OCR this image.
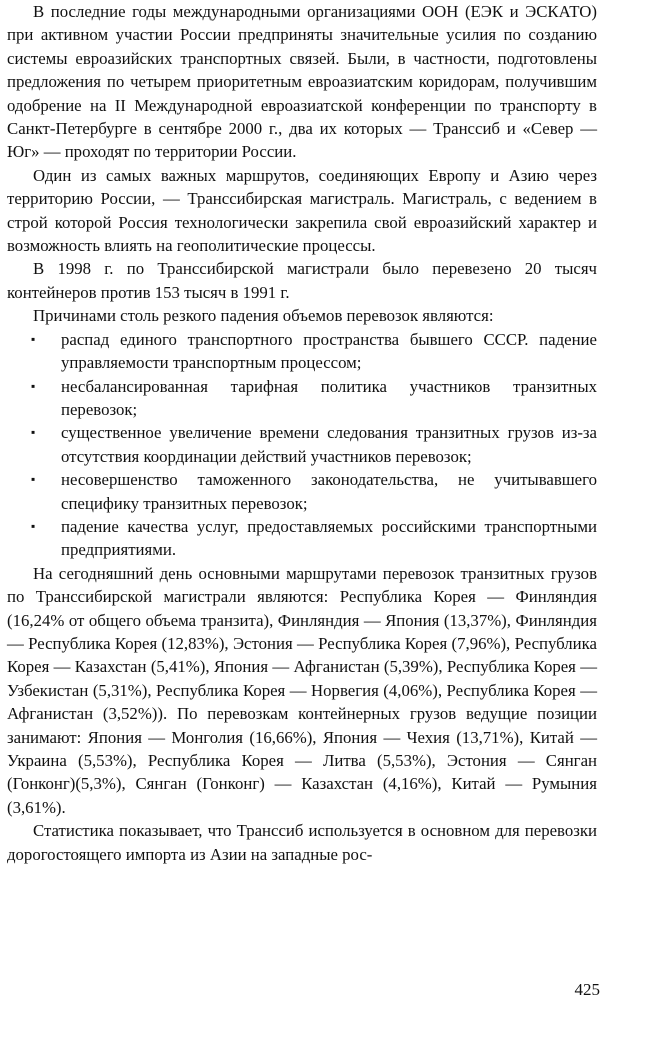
В последние годы международными организациями ООН (ЕЭК и ЭСКАТО) при активном участии России предприняты значительные усилия по созданию системы евроазийских транспортных связей. Были, в частности, подготовлены предложения по четырем приоритетным евроазиатским коридорам, получившим одобрение на II Международной евроазиатской конференции по транспорту в Санкт-Петербурге в сентябре 2000 г., два их которых — Транссиб и «Север — Юг» — проходят по территории России.

Один из самых важных маршрутов, соединяющих Европу и Азию через территорию России, — Транссибирская магистраль. Магистраль, с ведением в строй которой Россия технологически закрепила свой евроазийский характер и возможность влиять на геополитические процессы.

В 1998 г. по Транссибирской магистрали было перевезено 20 тысяч контейнеров против 153 тысяч в 1991 г.

Причинами столь резкого падения объемов перевозок являются:

▪ распад единого транспортного пространства бывшего СССР. падение управляемости транспортным процессом;
▪ несбалансированная тарифная политика участников транзитных перевозок;
▪ существенное увеличение времени следования транзитных грузов из-за отсутствия координации действий участников перевозок;
▪ несовершенство таможенного законодательства, не учитывавшего специфику транзитных перевозок;
▪ падение качества услуг, предоставляемых российскими транспортными предприятиями.

На сегодняшний день основными маршрутами перевозок транзитных грузов по Транссибирской магистрали являются: Республика Корея — Финляндия (16,24% от общего объема транзита), Финляндия — Япония (13,37%), Финляндия — Республика Корея (12,83%), Эстония — Республика Корея (7,96%), Республика Корея — Казахстан (5,41%), Япония — Афганистан (5,39%), Республика Корея — Узбекистан (5,31%), Республика Корея — Норвегия (4,06%), Республика Корея — Афганистан (3,52%)). По перевозкам контейнерных грузов ведущие позиции занимают: Япония — Монголия (16,66%), Япония — Чехия (13,71%), Китай — Украина (5,53%), Республика Корея — Литва (5,53%), Эстония — Сянган (Гонконг)(5,3%), Сянган (Гонконг) — Казахстан (4,16%), Китай — Румыния (3,61%).

Статистика показывает, что Транссиб используется в основном для перевозки дорогостоящего импорта из Азии на западные рос-

425
